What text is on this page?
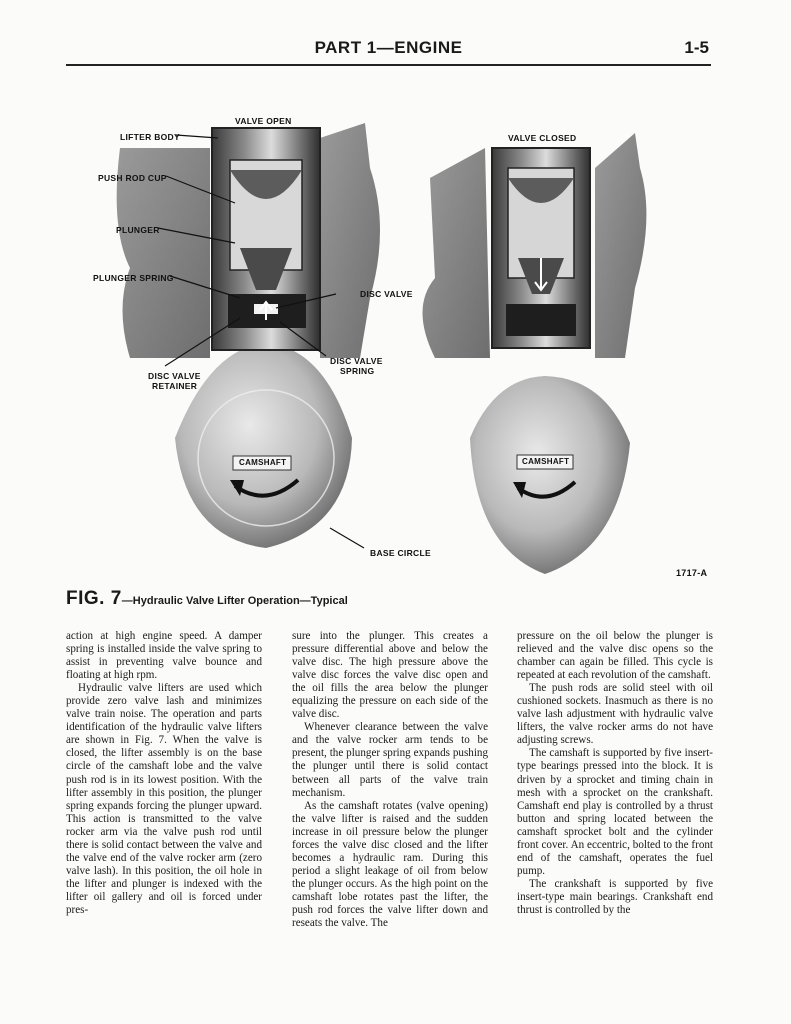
PART 1—ENGINE	1-5
VALVE OPEN
VALVE CLOSED
LIFTER BODY
PUSH ROD CUP
PLUNGER
PLUNGER SPRING
DISC VALVE
DISC VALVE
SPRING
DISC VALVE
RETAINER
CAMSHAFT	CAMSHAFT
BASE CIRCLE
1717-A
FIG. 7—Hydraulic Valve Lifter Operation—Typical

action at high engine speed. A damper spring is installed inside the valve spring to assist in preventing valve bounce and floating at high rpm.

Hydraulic valve lifters are used which provide zero valve lash and minimizes valve train noise. The operation and parts identification of the hydraulic valve lifters are shown in Fig. 7. When the valve is closed, the lifter assembly is on the base circle of the camshaft lobe and the valve push rod is in its lowest position. With the lifter assembly in this position, the plunger spring expands forcing the plunger upward. This action is transmitted to the valve rocker arm via the valve push rod until there is solid contact between the valve and the valve end of the valve rocker arm (zero valve lash). In this position, the oil hole in the lifter and plunger is indexed with the lifter oil gallery and oil is forced under pres-

sure into the plunger. This creates a pressure differential above and below the valve disc. The high pressure above the valve disc forces the valve disc open and the oil fills the area below the plunger equalizing the pressure on each side of the valve disc.

Whenever clearance between the valve and the valve rocker arm tends to be present, the plunger spring expands pushing the plunger until there is solid contact between all parts of the valve train mechanism.

As the camshaft rotates (valve opening) the valve lifter is raised and the sudden increase in oil pressure below the plunger forces the valve disc closed and the lifter becomes a hydraulic ram. During this period a slight leakage of oil from below the plunger occurs. As the high point on the camshaft lobe rotates past the lifter, the push rod forces the valve lifter down and reseats the valve. The

pressure on the oil below the plunger is relieved and the valve disc opens so the chamber can again be filled. This cycle is repeated at each revolution of the camshaft.

The push rods are solid steel with oil cushioned sockets. Inasmuch as there is no valve lash adjustment with hydraulic valve lifters, the valve rocker arms do not have adjusting screws.

The camshaft is supported by five insert-type bearings pressed into the block. It is driven by a sprocket and timing chain in mesh with a sprocket on the crankshaft. Camshaft end play is controlled by a thrust button and spring located between the camshaft sprocket bolt and the cylinder front cover. An eccentric, bolted to the front end of the camshaft, operates the fuel pump.

The crankshaft is supported by five insert-type main bearings. Crankshaft end thrust is controlled by the
